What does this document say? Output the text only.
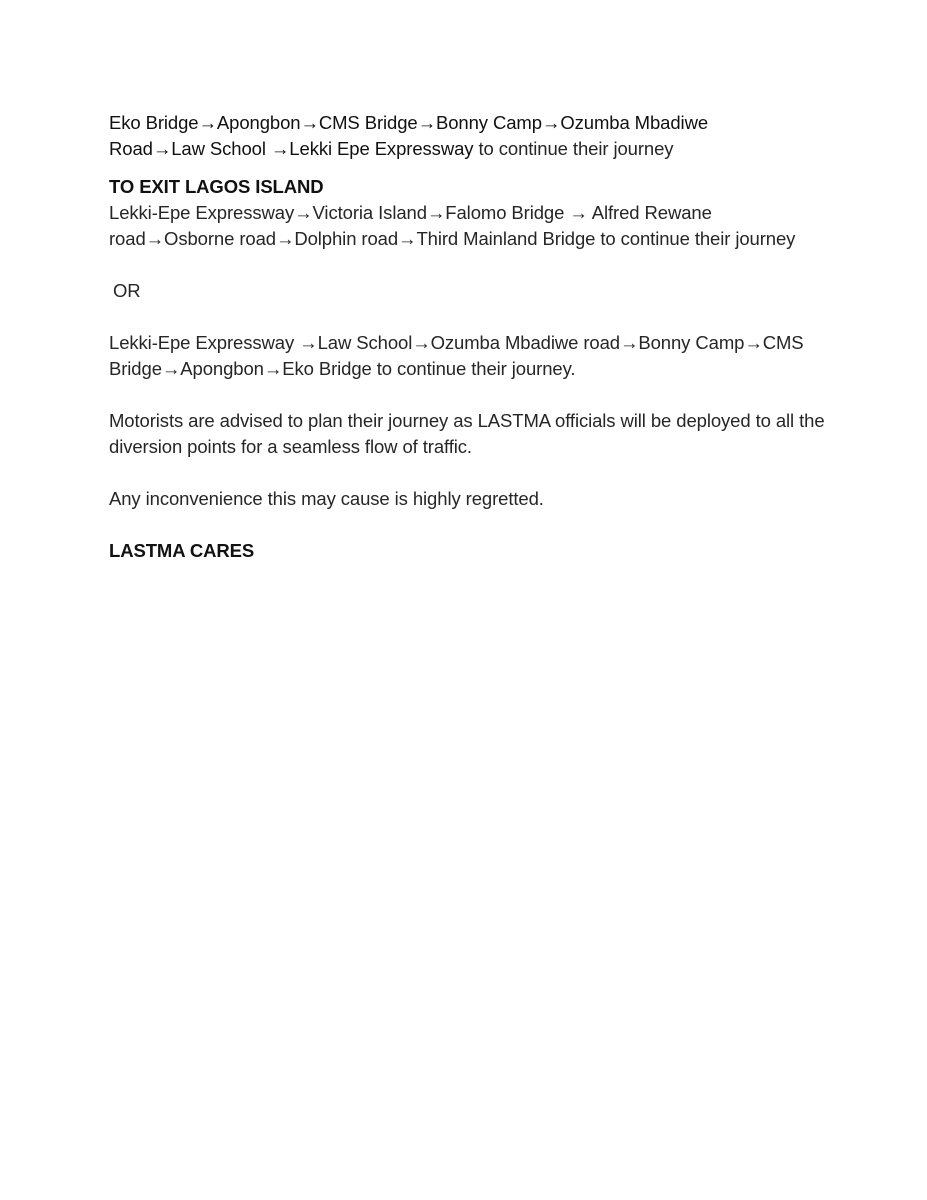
Eko Bridge→Apongbon→CMS Bridge→Bonny Camp→Ozumba Mbadiwe
Road→Law School →Lekki Epe Expressway to continue their journey

TO EXIT LAGOS ISLAND

Lekki-Epe Expressway→Victoria Island→Falomo Bridge → Alfred Rewane road→Osborne road→Dolphin road→Third Mainland Bridge to continue their journey

OR

Lekki-Epe Expressway →Law School→Ozumba Mbadiwe road→Bonny Camp→CMS Bridge→Apongbon→Eko Bridge to continue their journey.

Motorists are advised to plan their journey as LASTMA officials will be deployed to all the diversion points for a seamless flow of traffic.

Any inconvenience this may cause is highly regretted.

LASTMA CARES
